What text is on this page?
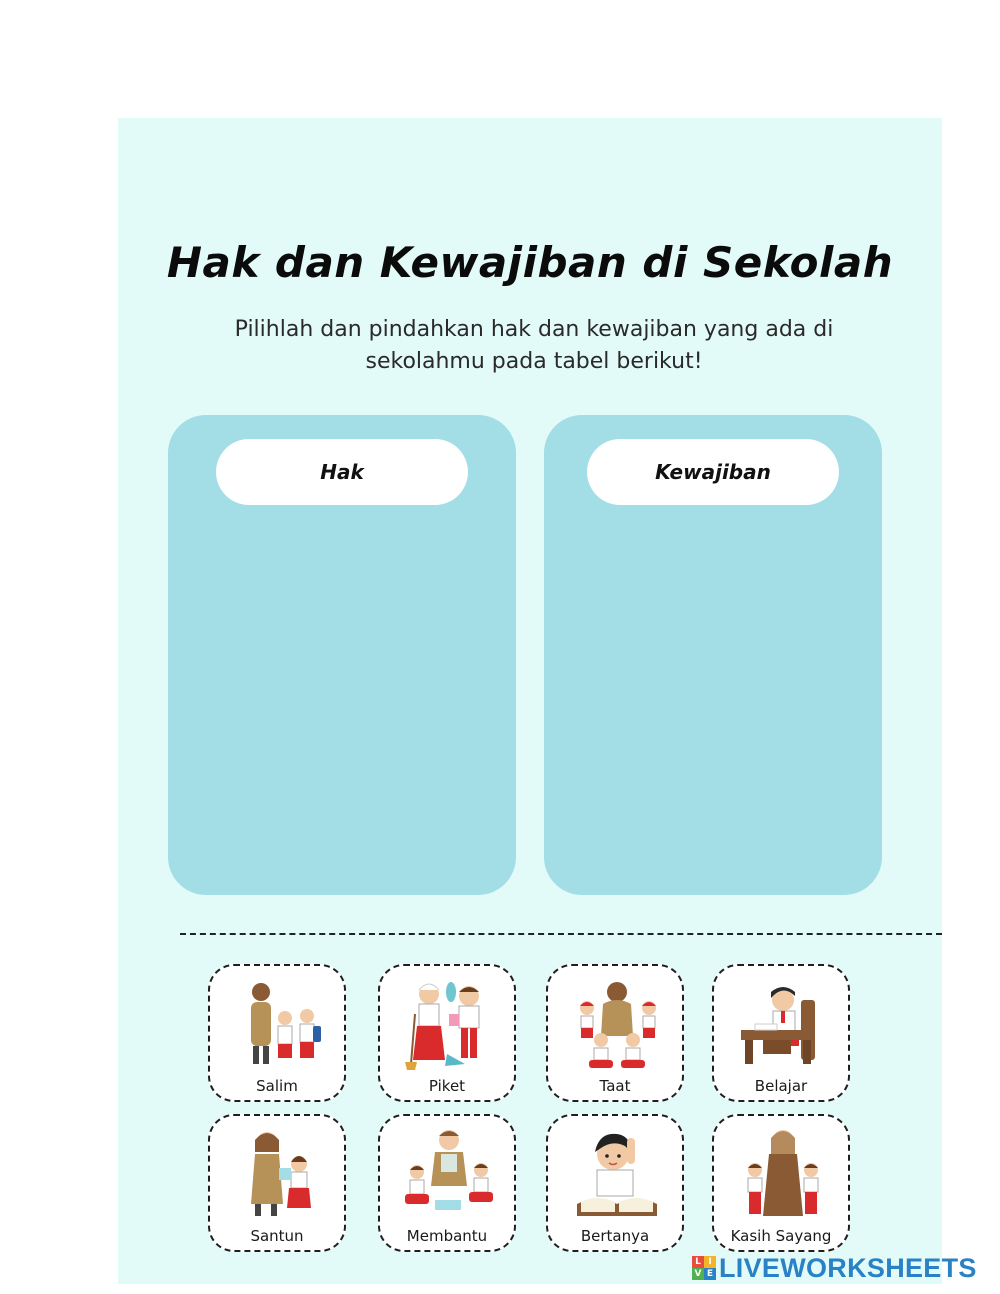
Hak dan Kewajiban di Sekolah
Pilihlah dan pindahkan hak dan kewajiban yang ada di
sekolahmu pada tabel berikut!
Hak	Kewajiban
Salim	Piket	Taat	Belajar
Santun	Membantu	Bertanya	Kasih Sayang
L I
V E LIVEWORKSHEETS
